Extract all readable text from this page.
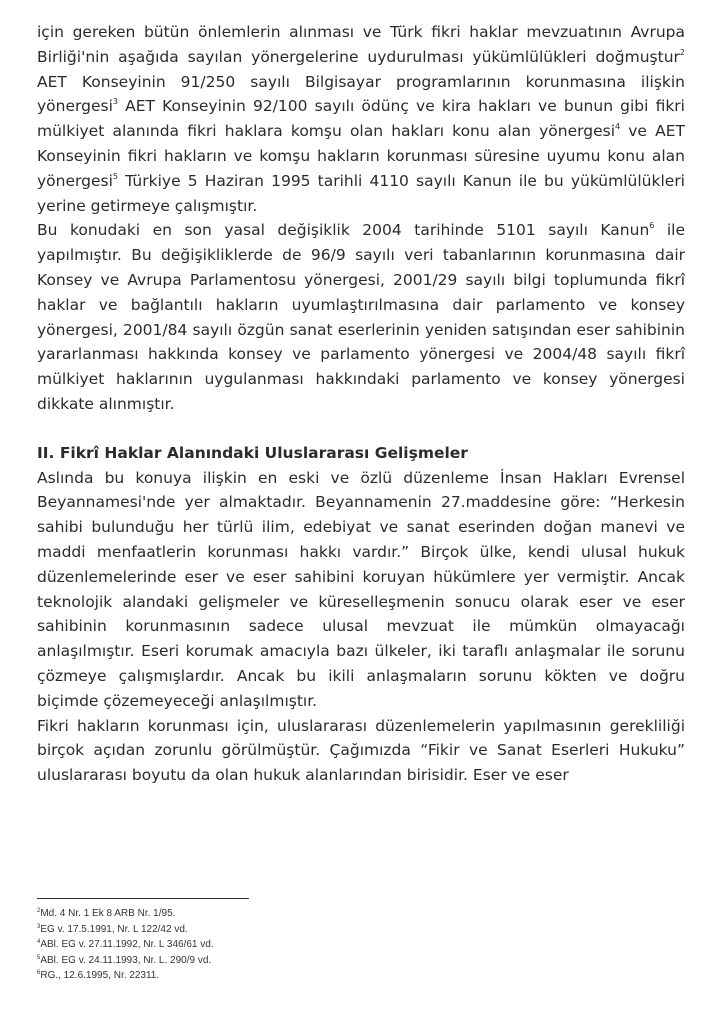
için gereken bütün önlemlerin alınması ve Türk fikri haklar mevzuatının Avrupa Birliği'nin aşağıda sayılan yönergelerine uydurulması yükümlülükleri doğmuştur$^2$ AET Konseyinin 91/250 sayılı Bilgisayar programlarının korunmasına ilişkin yönergesi$^3$ AET Konseyinin 92/100 sayılı ödünç ve kira hakları ve bunun gibi fikri mülkiyet alanında fikri haklara komşu olan hakları konu alan yönergesi$^4$ ve AET Konseyinin fikri hakların ve komşu hakların korunması süresine uyumu konu alan yönergesi$^5$ Türkiye 5 Haziran 1995 tarihli 4110 sayılı Kanun ile bu yükümlülükleri yerine getirmeye çalışmıştır.

Bu konudaki en son yasal değişiklik 2004 tarihinde 5101 sayılı Kanun$^6$ ile yapılmıştır. Bu değişikliklerde de 96/9 sayılı veri tabanlarının korunmasına dair Konsey ve Avrupa Parlamentosu yönergesi, 2001/29 sayılı bilgi toplumunda fikrî haklar ve bağlantılı hakların uyumlaştırılmasına dair parlamento ve konsey yönergesi, 2001/84 sayılı özgün sanat eserlerinin yeniden satışından eser sahibinin yararlanması hakkında konsey ve parlamento yönergesi ve 2004/48 sayılı fikrî mülkiyet haklarının uygulanması hakkındaki parlamento ve konsey yönergesi dikkate alınmıştır.

II. Fikrî Haklar Alanındaki Uluslararası Gelişmeler

Aslında bu konuya ilişkin en eski ve özlü düzenleme İnsan Hakları Evrensel Beyannamesi'nde yer almaktadır. Beyannamenin 27.maddesine göre: “Herkesin sahibi bulunduğu her türlü ilim, edebiyat ve sanat eserinden doğan manevi ve maddi menfaatlerin korunması hakkı vardır.” Birçok ülke, kendi ulusal hukuk düzenlemelerinde eser ve eser sahibini koruyan hükümlere yer vermiştir. Ancak teknolojik alandaki gelişmeler ve küreselleşmenin sonucu olarak eser ve eser sahibinin korunmasının sadece ulusal mevzuat ile mümkün olmayacağı anlaşılmıştır. Eseri korumak amacıyla bazı ülkeler, iki taraflı anlaşmalar ile sorunu çözmeye çalışmışlardır. Ancak bu ikili anlaşmaların sorunu kökten ve doğru biçimde çözemeyeceği anlaşılmıştır.

Fikri hakların korunması için, uluslararası düzenlemelerin yapılmasının gerekliliği birçok açıdan zorunlu görülmüştür. Çağımızda “Fikir ve Sanat Eserleri Hukuku” uluslararası boyutu da olan hukuk alanlarından birisidir. Eser ve eser

$^2$Md. 4 Nr. 1 Ek 8 ARB Nr. 1/95.
$^3$EG v. 17.5.1991, Nr. L 122/42 vd.
$^4$ABl. EG v. 27.11.1992, Nr. L 346/61 vd.
$^5$ABl. EG v. 24.11.1993, Nr. L. 290/9 vd.
$^6$RG., 12.6.1995, Nr. 22311.
